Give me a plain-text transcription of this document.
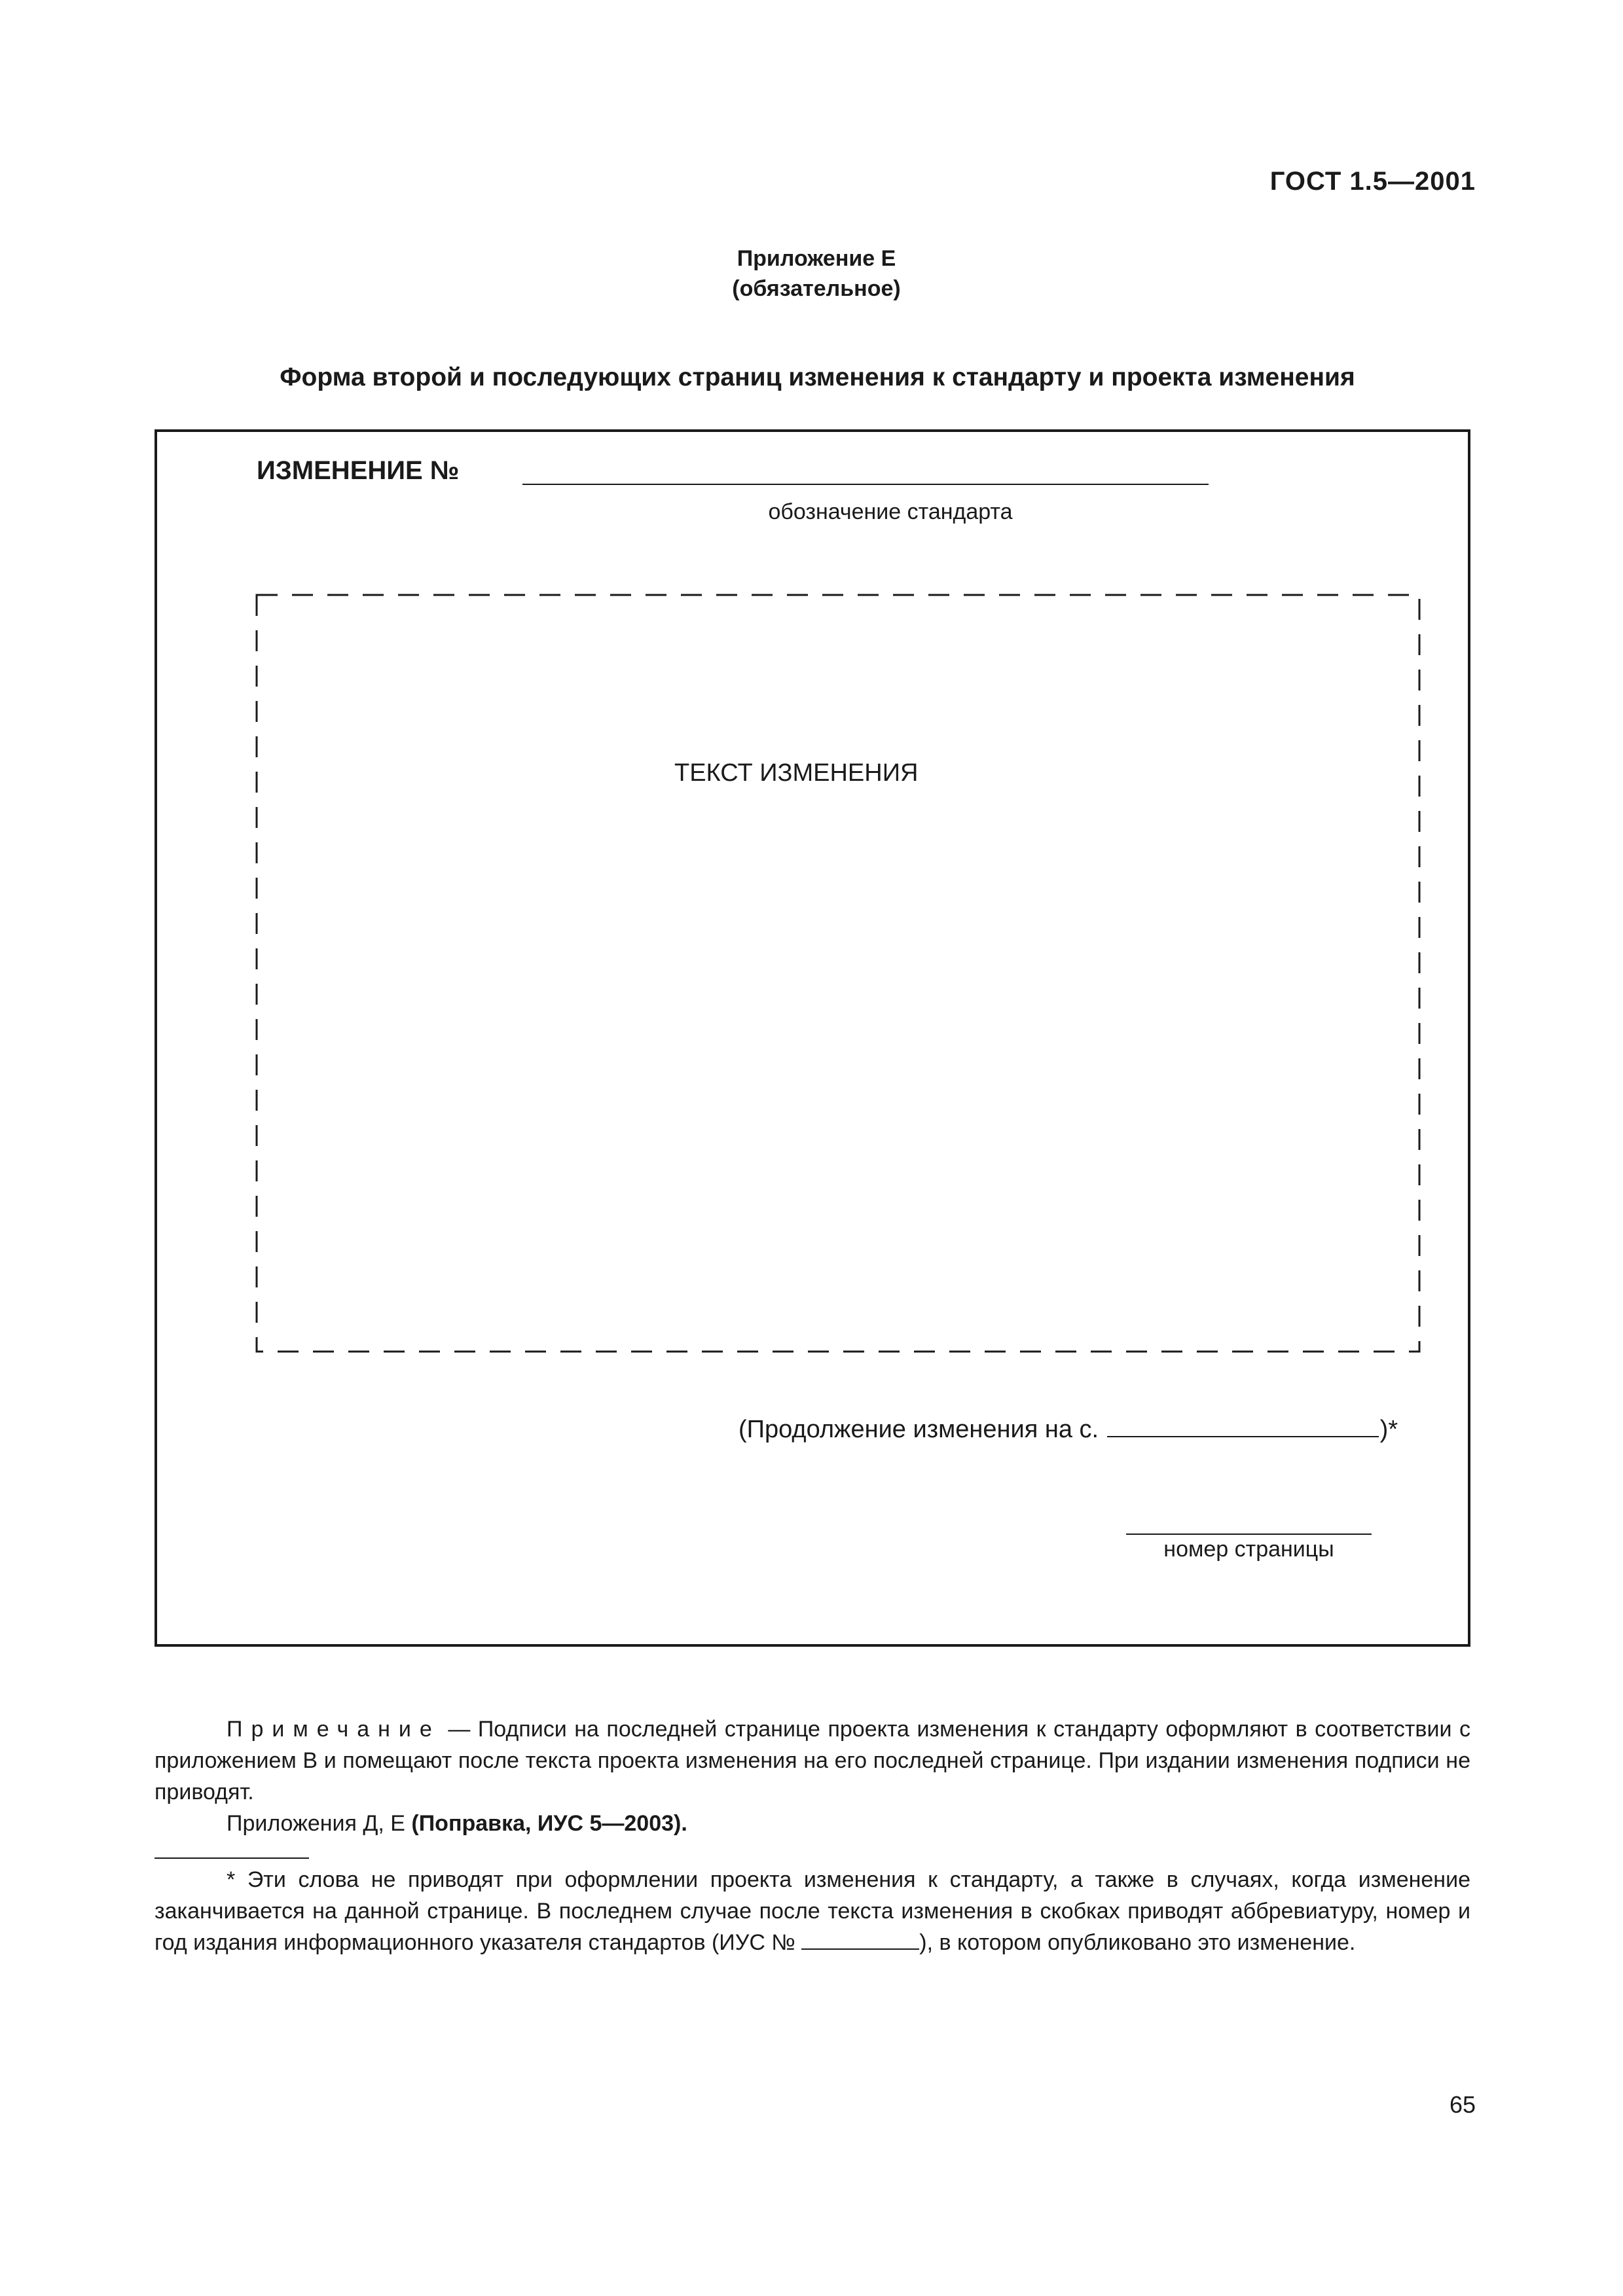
ГОСТ 1.5—2001
Приложение Е
(обязательное)
Форма второй и последующих страниц изменения к стандарту и проекта изменения
ИЗМЕНЕНИЕ №
обозначение стандарта
ТЕКСТ ИЗМЕНЕНИЯ
(Продолжение изменения на с.	)*
номер страницы

Примечание — Подписи на последней странице проекта изменения к стандарту оформляют в соответствии с приложением В и помещают после текста проекта изменения на его последней странице. При издании изменения подписи не приводят.

Приложения Д, Е (Поправка, ИУС 5—2003).

* Эти слова не приводят при оформлении проекта изменения к стандарту, а также в случаях, когда изменение заканчивается на данной странице. В последнем случае после текста изменения в скобках приводят аббревиатуру, номер и год издания информационного указателя стандартов (ИУС №	), в котором опубликовано это изменение.

65
